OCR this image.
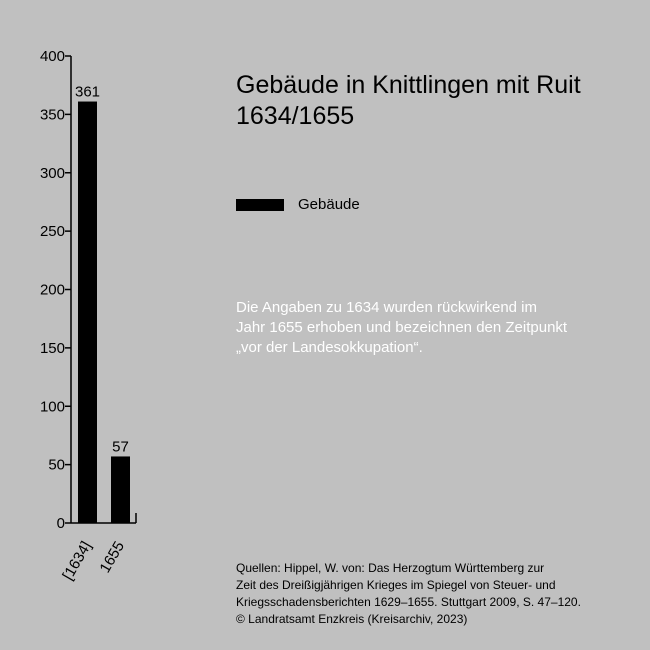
0
50
100
150
200
250
300
350
400
[1634] 1655
361
57
Gebäude in Knittlingen mit Ruit
1634/1655
Gebäude
Die Angaben zu 1634 wurden rückwirkend im
Jahr 1655 erhoben und bezeichnen den Zeitpunkt
„vor der Landesokkupation“.
Quellen: Hippel, W. von: Das Herzogtum Württemberg zur
Zeit des Dreißigjährigen Krieges im Spiegel von Steuer- und
Kriegsschadensberichten 1629–1655. Stuttgart 2009, S. 47–120.
© Landratsamt Enzkreis (Kreisarchiv, 2023)
